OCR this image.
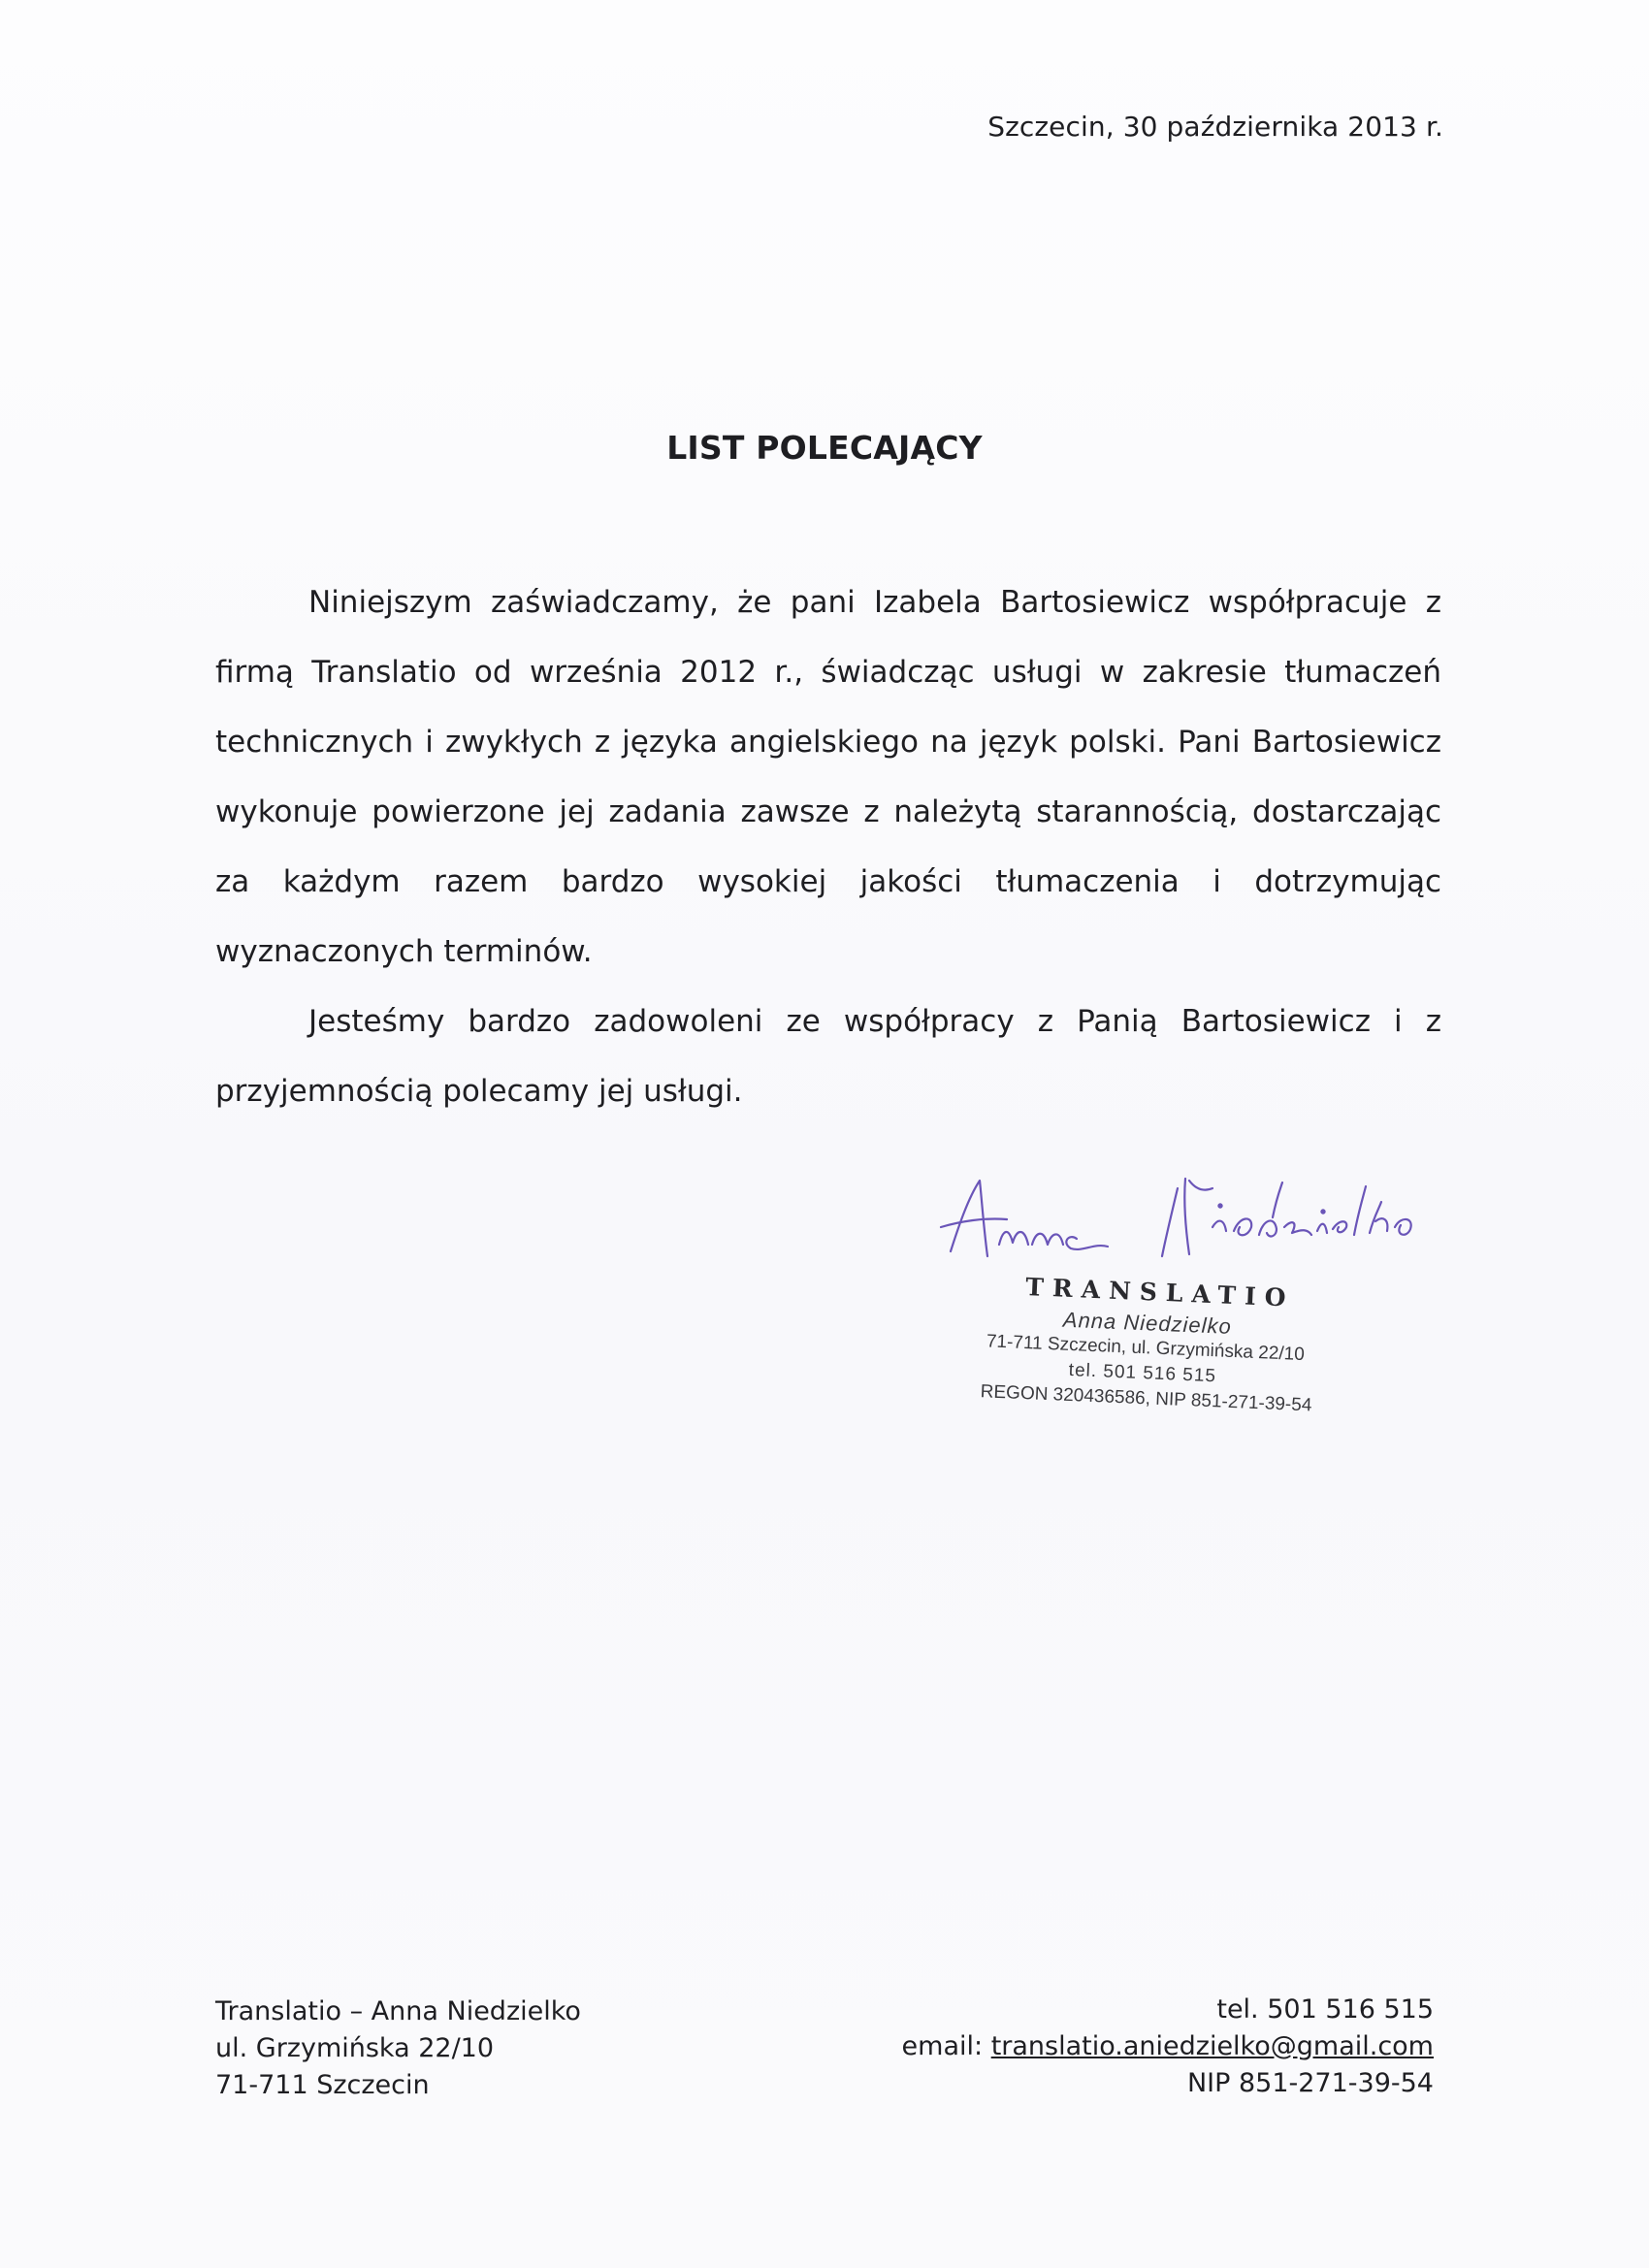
Szczecin, 30 października 2013 r.
LIST POLECAJĄCY

Niniejszym zaświadczamy, że pani Izabela Bartosiewicz współpracuje z firmą Translatio od września 2012 r., świadcząc usługi w zakresie tłumaczeń technicznych i zwykłych z języka angielskiego na język polski. Pani Bartosiewicz wykonuje powierzone jej zadania zawsze z należytą starannością, dostarczając za każdym razem bardzo wysokiej jakości tłumaczenia i dotrzymując wyznaczonych terminów.

Jesteśmy bardzo zadowoleni ze współpracy z Panią Bartosiewicz i z przyjemnością polecamy jej usługi.

TRANSLATIO
Anna Niedzielko
71-711 Szczecin, ul. Grzymińska 22/10
tel. 501 516 515
REGON 320436586, NIP 851-271-39-54
Translatio – Anna Niedzielko
ul. Grzymińska 22/10
71-711 Szczecin
tel. 501 516 515
email: translatio.aniedzielko@gmail.com
NIP 851-271-39-54
